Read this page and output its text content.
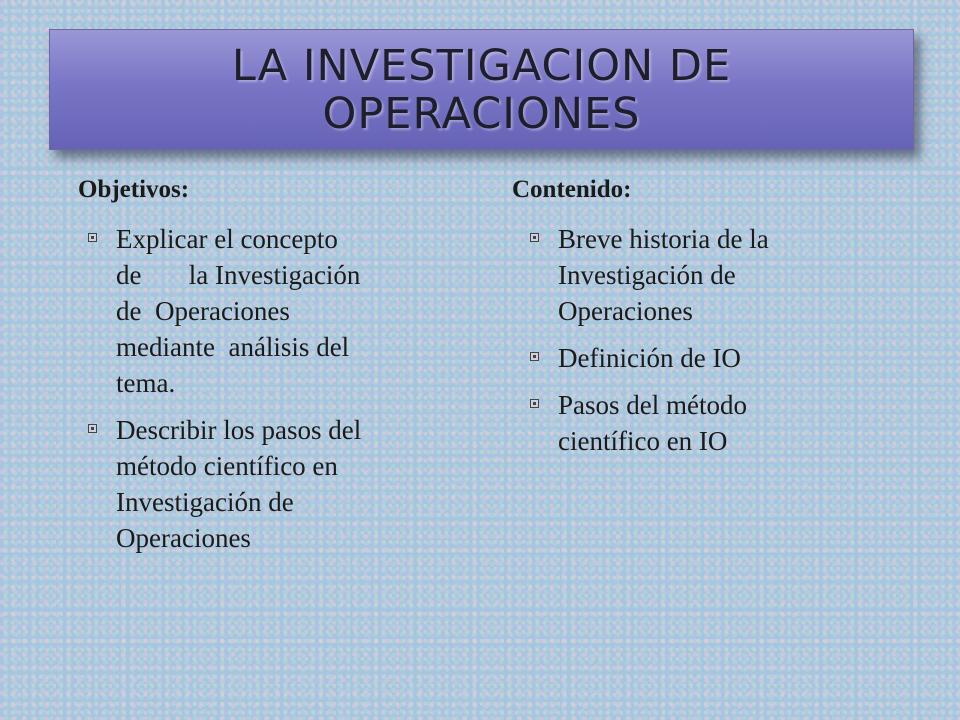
LA INVESTIGACION DE
OPERACIONES
Objetivos:
Explicar el concepto
de       la Investigación
de  Operaciones
mediante  análisis del
tema.
Describir los pasos del
método científico en
Investigación de
Operaciones
Contenido:
Breve historia de la
Investigación de
Operaciones
Definición de IO
Pasos del método
científico en IO
